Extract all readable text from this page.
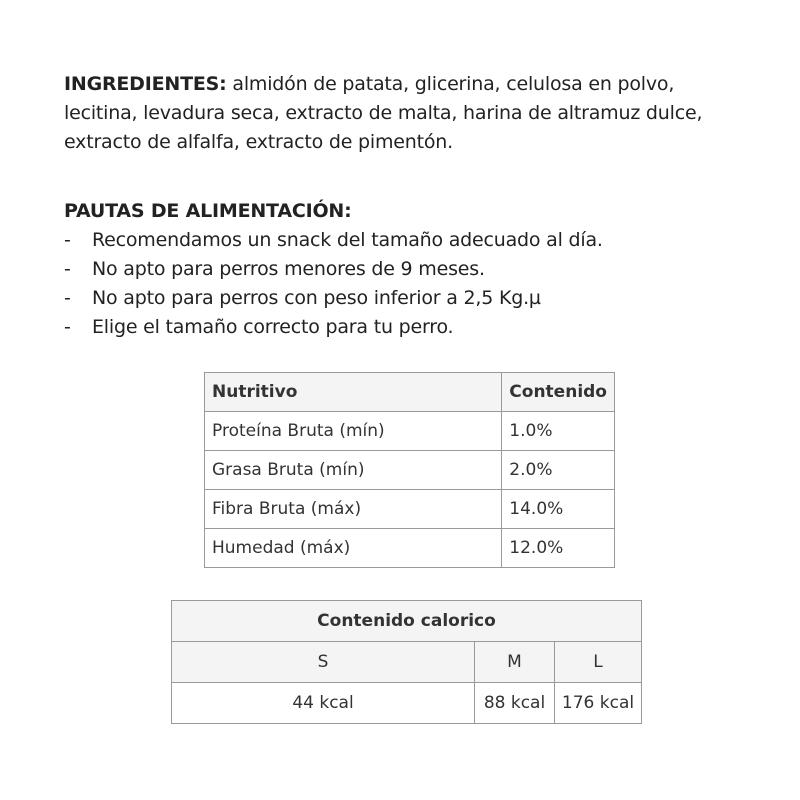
INGREDIENTES: almidón de patata, glicerina, celulosa en polvo, lecitina, levadura seca, extracto de malta, harina de altramuz dulce, extracto de alfalfa, extracto de pimentón.

PAUTAS DE ALIMENTACIÓN:
-	Recomendamos un snack del tamaño adecuado al día.
-	No apto para perros menores de 9 meses.
-	No apto para perros con peso inferior a 2,5 Kg.µ
-	Elige el tamaño correcto para tu perro.
Nutritivo	Contenido
Proteína Bruta (mín)	1.0%
Grasa Bruta (mín)	2.0%
Fibra Bruta (máx)	14.0%
Humedad (máx)	12.0%
Contenido calorico		
S	M	L
44 kcal	88 kcal	176 kcal
